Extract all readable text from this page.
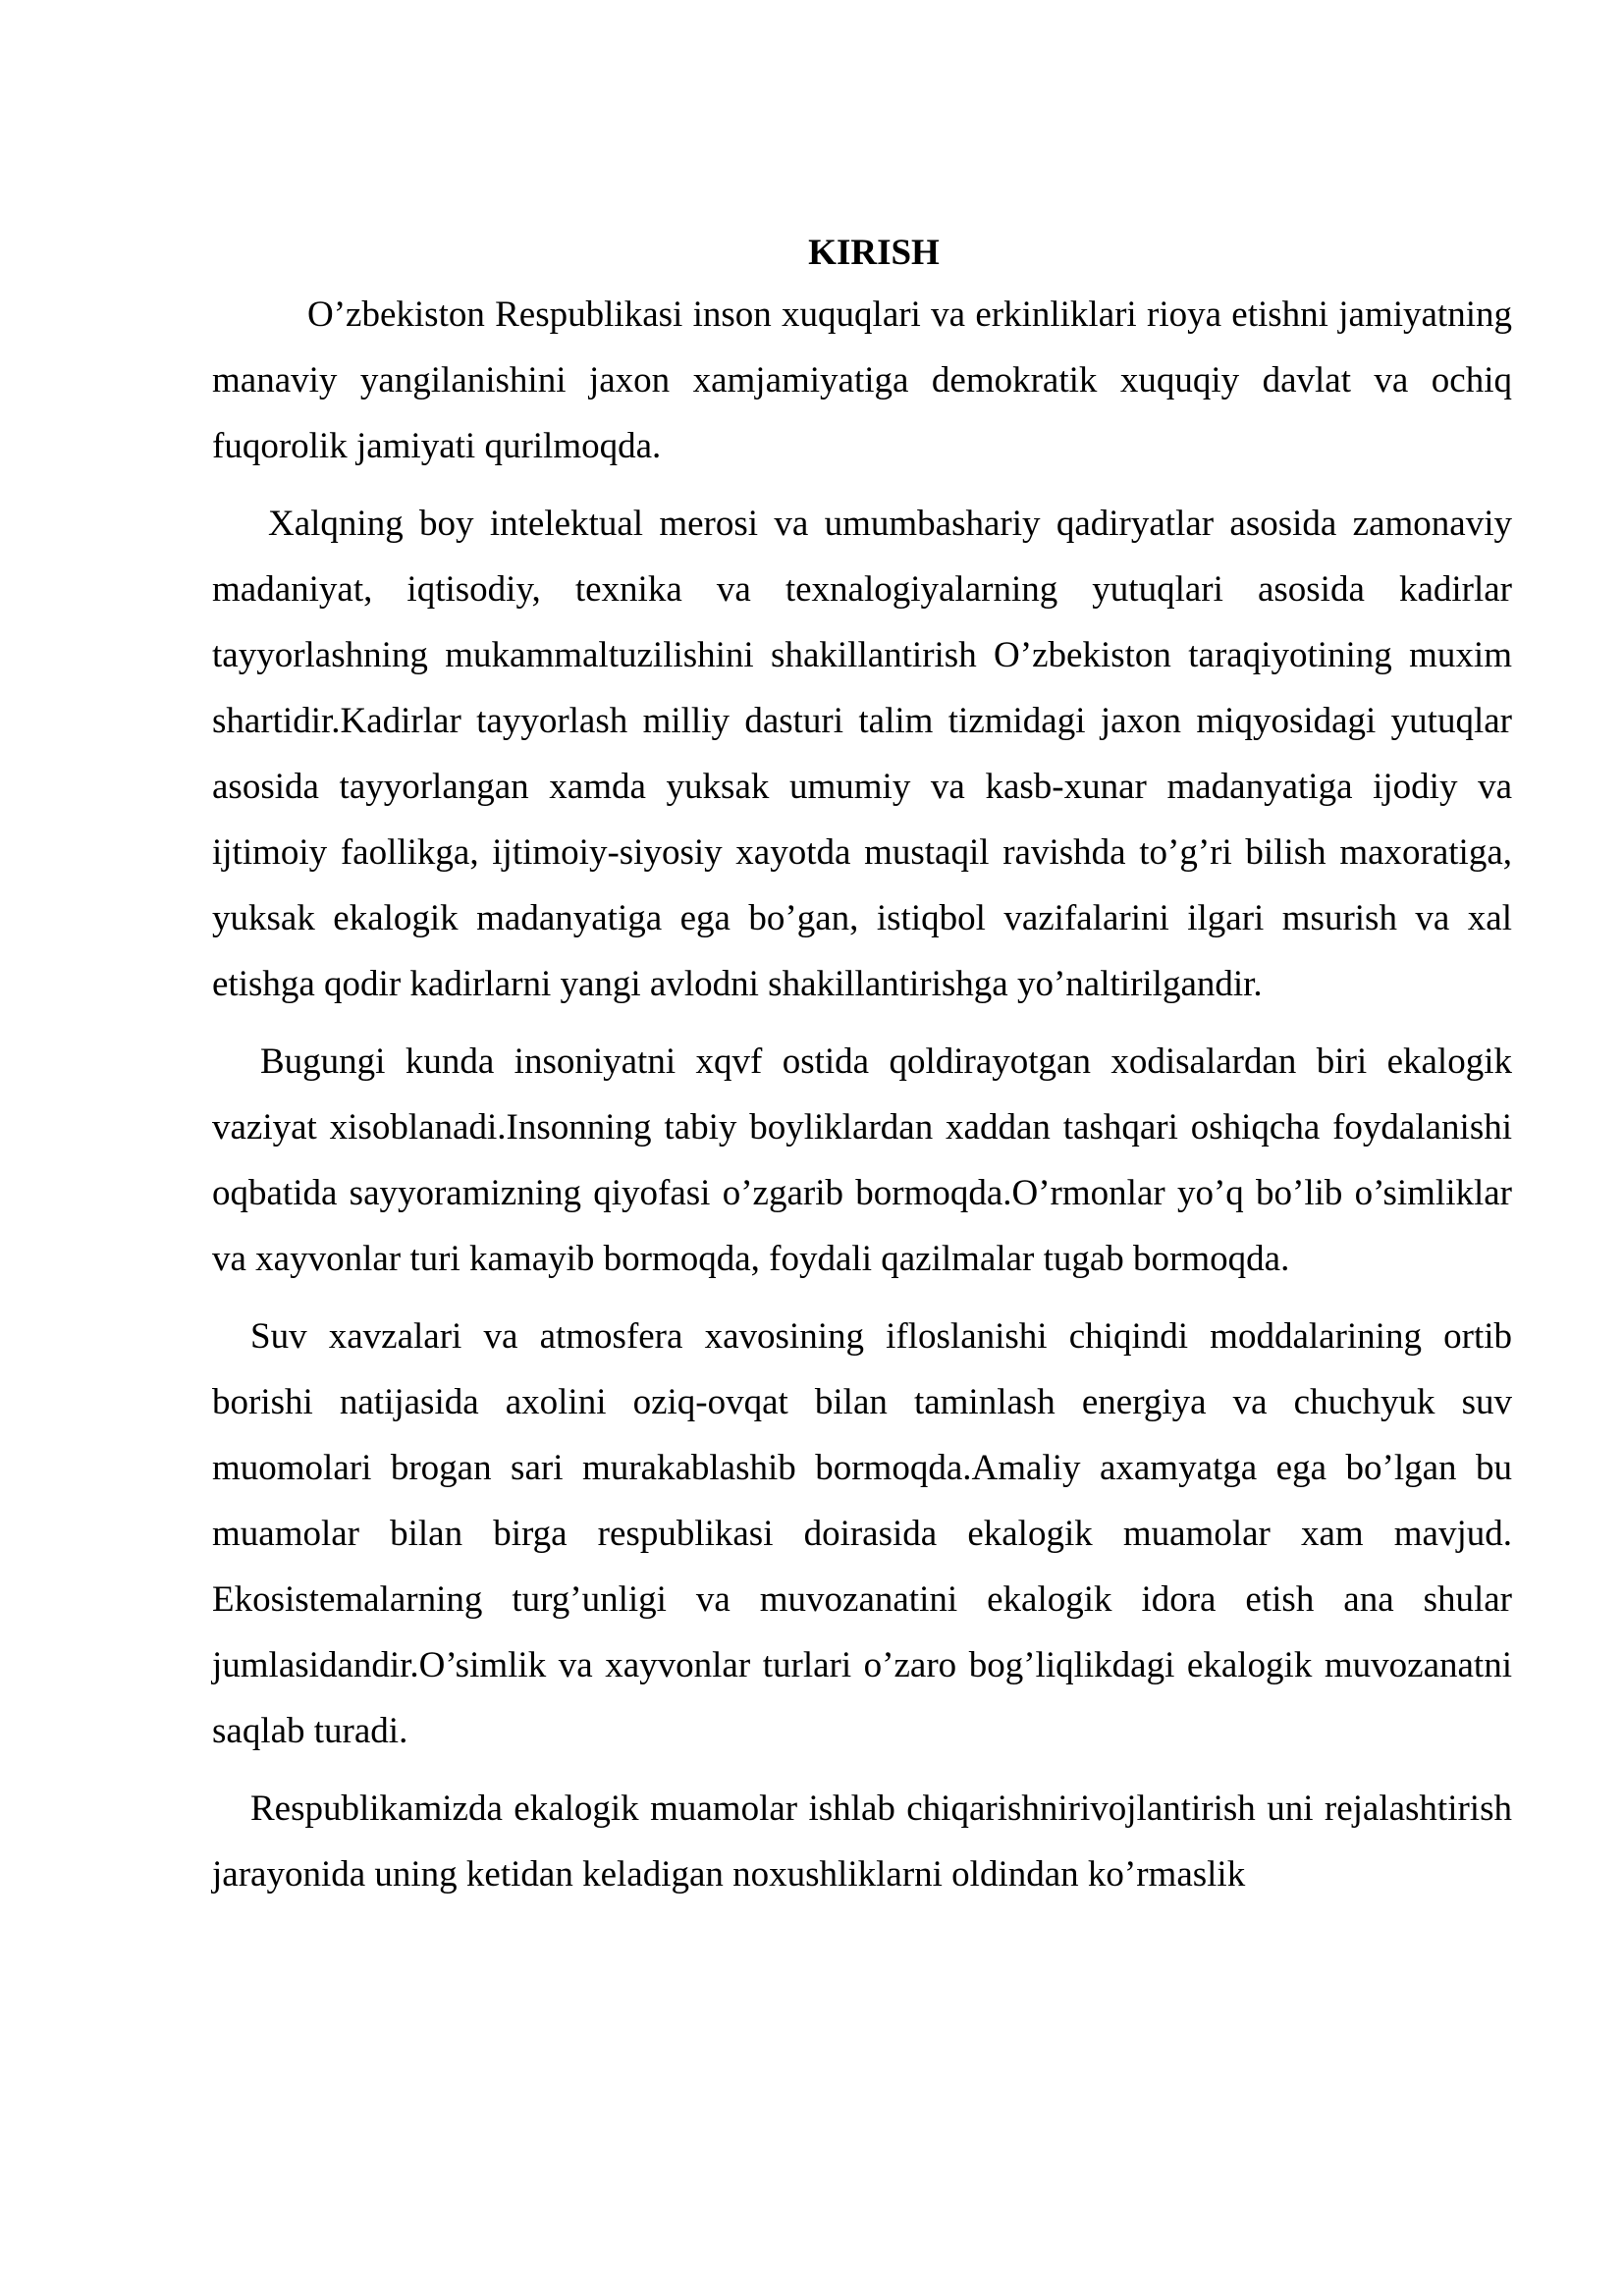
KIRISH

O’zbekiston Respublikasi inson xuquqlari va erkinliklari rioya etishni jamiyatning manaviy yangilanishini jaxon xamjamiyatiga demokratik xuquqiy davlat va ochiq fuqorolik jamiyati qurilmoqda.

Xalqning boy intelektual merosi va umumbashariy qadiryatlar asosida zamonaviy madaniyat, iqtisodiy, texnika va texnalogiyalarning yutuqlari asosida kadirlar tayyorlashning mukammaltuzilishini shakillantirish O’zbekiston taraqiyotining muxim shartidir.Kadirlar tayyorlash milliy dasturi talim tizmidagi jaxon miqyosidagi yutuqlar asosida tayyorlangan xamda yuksak umumiy va kasb-xunar madanyatiga ijodiy va ijtimoiy faollikga, ijtimoiy-siyosiy xayotda mustaqil ravishda to’g’ri bilish maxoratiga, yuksak ekalogik madanyatiga ega bo’gan, istiqbol vazifalarini ilgari msurish va xal etishga qodir kadirlarni yangi avlodni shakillantirishga yo’naltirilgandir.

Bugungi kunda insoniyatni xqvf ostida qoldirayotgan xodisalardan biri ekalogik vaziyat xisoblanadi.Insonning tabiy boyliklardan xaddan tashqari oshiqcha foydalanishi oqbatida sayyoramizning qiyofasi o’zgarib bormoqda.O’rmonlar yo’q bo’lib o’simliklar va xayvonlar turi kamayib bormoqda, foydali qazilmalar tugab bormoqda.

Suv xavzalari va atmosfera xavosining ifloslanishi chiqindi moddalarining ortib borishi natijasida axolini oziq-ovqat bilan taminlash energiya va chuchyuk suv muomolari brogan sari murakablashib bormoqda.Amaliy axamyatga ega bo’lgan bu muamolar bilan birga respublikasi doirasida ekalogik muamolar xam mavjud. Ekosistemalarning turg’unligi va muvozanatini ekalogik idora etish ana shular jumlasidandir.O’simlik va xayvonlar turlari o’zaro bog’liqlikdagi ekalogik muvozanatni saqlab turadi.

Respublikamizda ekalogik muamolar ishlab chiqarishnirivojlantirish uni rejalashtirish jarayonida uning ketidan keladigan noxushliklarni oldindan ko’rmaslik
